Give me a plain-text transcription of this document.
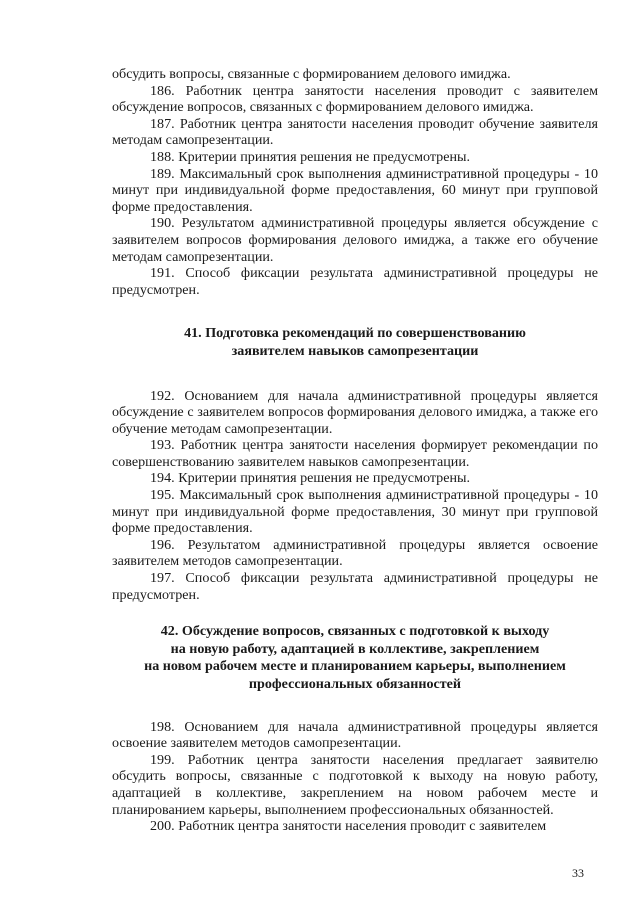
обсудить вопросы, связанные с формированием делового имиджа.

186. Работник центра занятости населения проводит с заявителем обсуждение вопросов, связанных с формированием делового имиджа.

187. Работник центра занятости населения проводит обучение заявителя методам самопрезентации.

188. Критерии принятия решения не предусмотрены.

189. Максимальный срок выполнения административной процедуры - 10 минут при индивидуальной форме предоставления, 60 минут при групповой форме предоставления.

190. Результатом административной процедуры является обсуждение с заявителем вопросов формирования делового имиджа, а также его обучение методам самопрезентации.

191. Способ фиксации результата административной процедуры не предусмотрен.

41. Подготовка рекомендаций по совершенствованию
заявителем навыков самопрезентации

192. Основанием для начала административной процедуры является обсуждение с заявителем вопросов формирования делового имиджа, а также его обучение методам самопрезентации.

193. Работник центра занятости населения формирует рекомендации по совершенствованию заявителем навыков самопрезентации.

194. Критерии принятия решения не предусмотрены.

195. Максимальный срок выполнения административной процедуры - 10 минут при индивидуальной форме предоставления, 30 минут при групповой форме предоставления.

196. Результатом административной процедуры является освоение заявителем методов самопрезентации.

197. Способ фиксации результата административной процедуры не предусмотрен.

42. Обсуждение вопросов, связанных с подготовкой к выходу
на новую работу, адаптацией в коллективе, закреплением
на новом рабочем месте и планированием карьеры, выполнением
профессиональных обязанностей

198. Основанием для начала административной процедуры является освоение заявителем методов самопрезентации.

199. Работник центра занятости населения предлагает заявителю обсудить вопросы, связанные с подготовкой к выходу на новую работу, адаптацией в коллективе, закреплением на новом рабочем месте и планированием карьеры, выполнением профессиональных обязанностей.

200. Работник центра занятости населения проводит с заявителем

33
